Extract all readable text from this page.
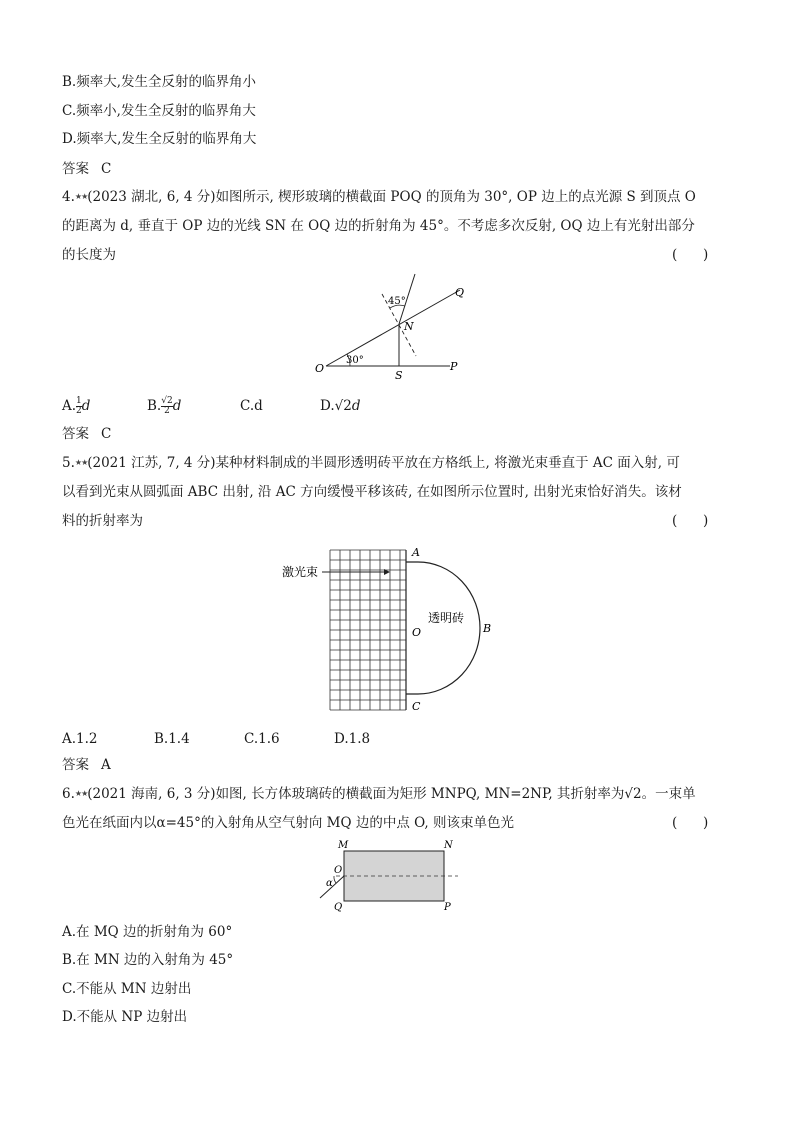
B.频率大,发生全反射的临界角小
C.频率小,发生全反射的临界角大
D.频率大,发生全反射的临界角大
答案 C
4.★★(2023 湖北, 6, 4 分)如图所示, 楔形玻璃的横截面 POQ 的顶角为 30°, OP 边上的点光源 S 到顶点 O
的距离为 d, 垂直于 OP 边的光线 SN 在 OQ 边的折射角为 45°。不考虑多次反射, OQ 边上有光射出部分
的长度为	(      )
45°
30°
Q
N
O
S
P
A. $\frac{1}{2}$ d	B. $\frac{√2}{2}$ d	C.d	D.√2d
答案 C
5.★★(2021 江苏, 7, 4 分)某种材料制成的半圆形透明砖平放在方格纸上, 将激光束垂直于 AC 面入射, 可
以看到光束从圆弧面 ABC 出射, 沿 AC 方向缓慢平移该砖, 在如图所示位置时, 出射光束恰好消失。该材
料的折射率为	(      )
激光束
透明砖
A
B
O
C
A.1.2	B.1.4	C.1.6	D.1.8
答案 A
6.★★(2021 海南, 6, 3 分)如图, 长方体玻璃砖的横截面为矩形 MNPQ, MN=2NP, 其折射率为√2。一束单
色光在纸面内以α=45°的入射角从空气射向 MQ 边的中点 O, 则该束单色光	(      )
M	N
Q	P
O
α
A.在 MQ 边的折射角为 60°
B.在 MN 边的入射角为 45°
C.不能从 MN 边射出
D.不能从 NP 边射出
